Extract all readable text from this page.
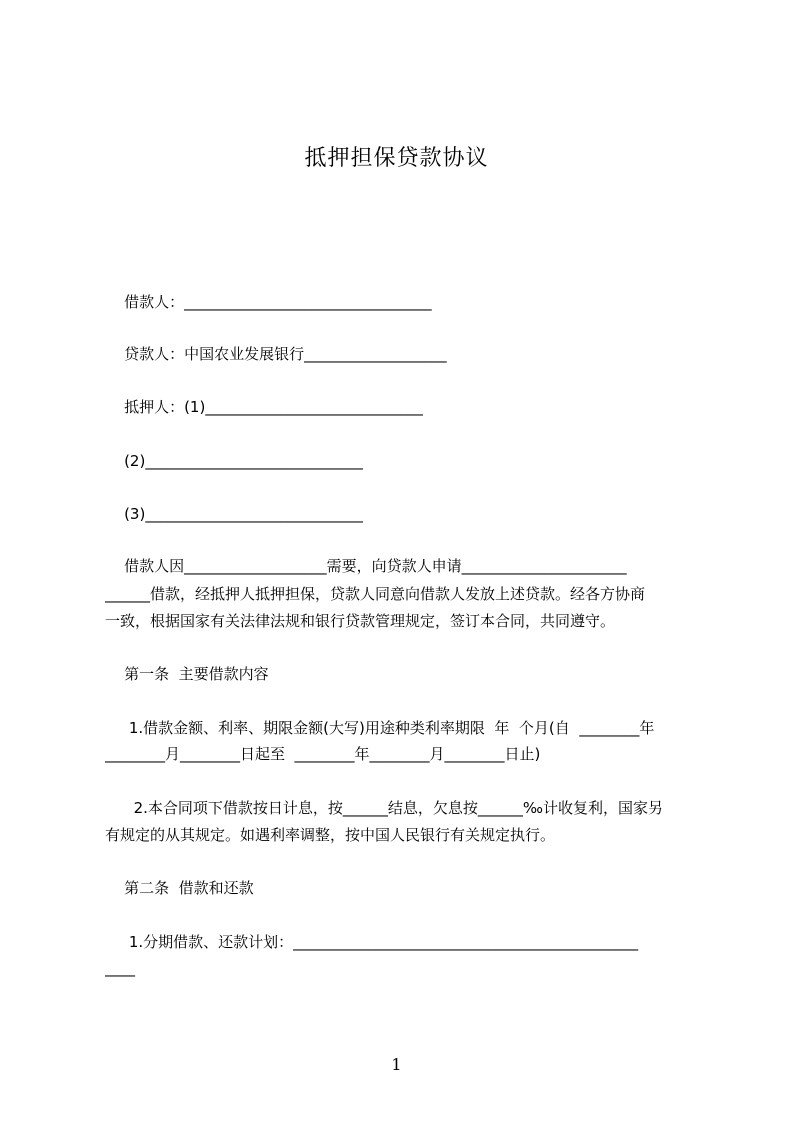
抵押担保贷款协议
借款人：_________________________________
贷款人：中国农业发展银行___________________
抵押人：(1)_____________________________
(2)_____________________________
(3)_____________________________
借款人因___________________需要，向贷款人申请______________________
______借款，经抵押人抵押担保，贷款人同意向借款人发放上述贷款。经各方协商
一致，根据国家有关法律法规和银行贷款管理规定，签订本合同，共同遵守。
第一条  主要借款内容
1.借款金额、利率、期限金额(大写)用途种类利率期限  年  个月(自  ________年
________月________日起至  ________年________月________日止)
2.本合同项下借款按日计息，按______结息，欠息按______‰计收复利，国家另
有规定的从其规定。如遇利率调整，按中国人民银行有关规定执行。
第二条  借款和还款
1.分期借款、还款计划：______________________________________________
____
1
